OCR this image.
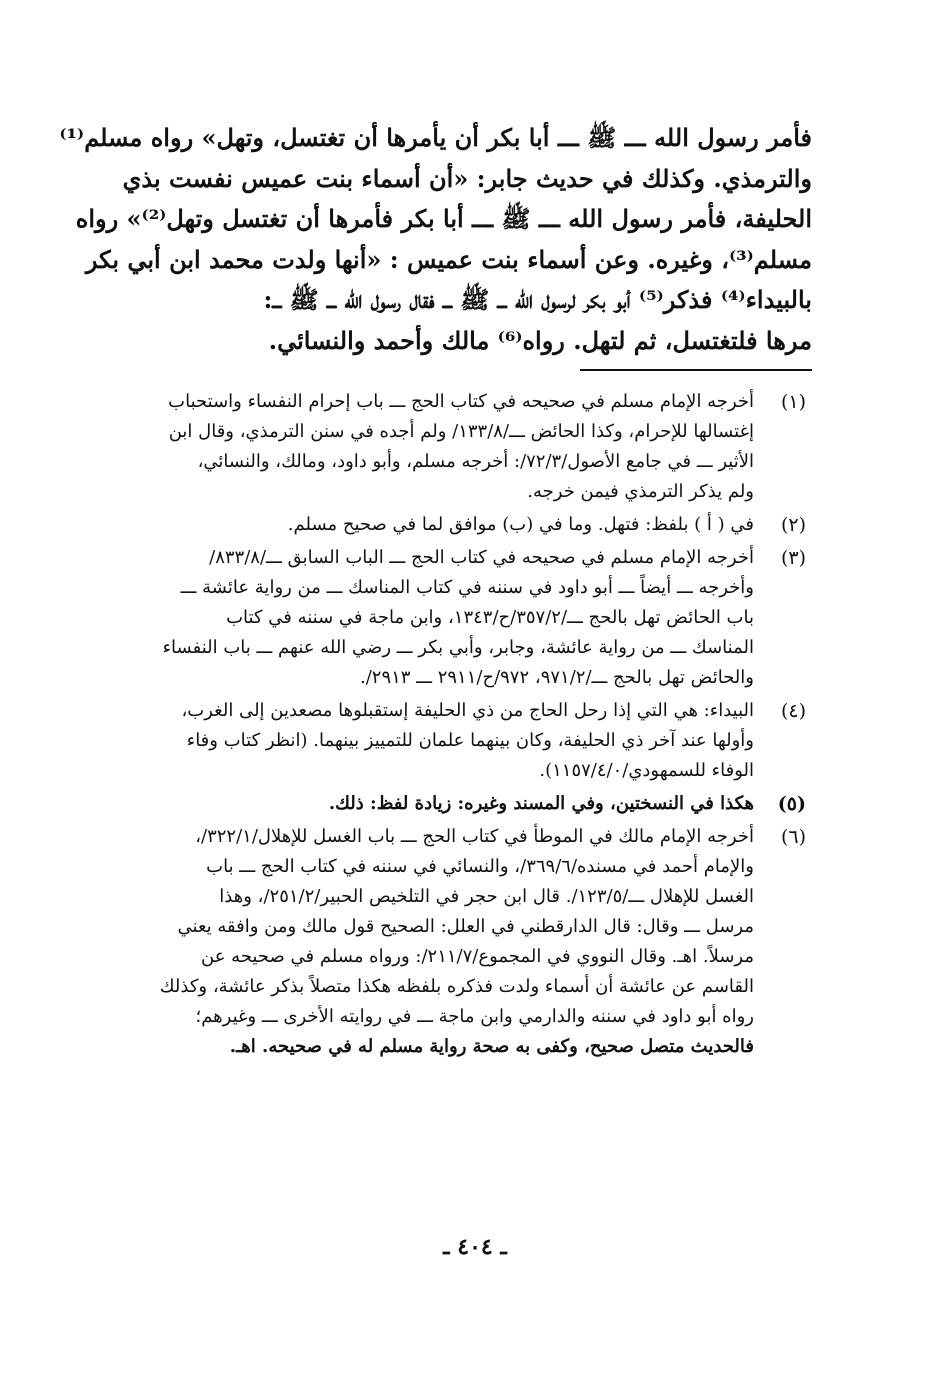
فأمر رسول الله ـــ ﷺ ـــ أبا بكر أن يأمرها أن تغتسل، وتهل» رواه مسلم⁽¹⁾
والترمذي. وكذلك في حديث جابر: «أن أسماء بنت عميس نفست بذي
الحليفة، فأمر رسول الله ـــ ﷺ ـــ أبا بكر فأمرها أن تغتسل وتهل⁽²⁾» رواه
مسلم⁽³⁾، وغيره. وعن أسماء بنت عميس : «أنها ولدت محمد ابن أبي بكر
بالبيداء⁽⁴⁾ فذكر⁽⁵⁾ أبو بكر لرسول الله ـــ ﷺ ـــ فقال رسول الله ـــ ﷺ ـــ:
مرها فلتغتسل، ثم لتهل. رواه⁽⁶⁾ مالك وأحمد والنسائي.
(١)
أخرجه الإمام مسلم في صحيحه في كتاب الحج ـــ باب إحرام النفساء واستحباب
إغتسالها للإحرام، وكذا الحائض ـــ/١٣٣/٨/ ولم أجده في سنن الترمذي، وقال ابن
الأثير ـــ في جامع الأصول/٧٢/٣/: أخرجه مسلم، وأبو داود، ومالك، والنسائي،
ولم يذكر الترمذي فيمن خرجه.
(٢)
في ( أ ) بلفظ: فتهل. وما في (ب) موافق لما في صحيح مسلم.
(٣)
أخرجه الإمام مسلم في صحيحه في كتاب الحج ـــ الباب السابق ـــ/٨٣٣/٨/
وأخرجه ـــ أيضاً ـــ أبو داود في سننه في كتاب المناسك ـــ من رواية عائشة ـــ
باب الحائض تهل بالحج ـــ/٣٥٧/٢/ح/١٣٤٣، وابن ماجة في سننه في كتاب
المناسك ـــ من رواية عائشة، وجابر، وأبي بكر ـــ رضي الله عنهم ـــ باب النفساء
والحائض تهل بالحج ـــ/٩٧١/٢، ٩٧٢/ح/٢٩١١ ـــ ٢٩١٣/.
(٤)
البيداء: هي التي إذا رحل الحاج من ذي الحليفة إستقبلوها مصعدين إلى الغرب،
وأولها عند آخر ذي الحليفة، وكان بينهما علمان للتمييز بينهما. (انظر كتاب وفاء
الوفاء للسمهودي/١١٥٧/٤/٠).
(٥)
هكذا في النسختين، وفي المسند وغيره: زيادة لفظ: ذلك.
(٦)
أخرجه الإمام مالك في الموطأ في كتاب الحج ـــ باب الغسل للإهلال/٣٢٢/١/،
والإمام أحمد في مسنده/٣٦٩/٦/، والنسائي في سننه في كتاب الحج ـــ باب
الغسل للإهلال ـــ/١٢٣/٥/. قال ابن حجر في التلخيص الحبير/٢٥١/٢/، وهذا
مرسل ـــ وقال: قال الدارقطني في العلل: الصحيح قول مالك ومن وافقه يعني
مرسلاً. اهـ. وقال النووي في المجموع/٢١١/٧/: ورواه مسلم في صحيحه عن
القاسم عن عائشة أن أسماء ولدت فذكره بلفظه هكذا متصلاً بذكر عائشة، وكذلك
رواه أبو داود في سننه والدارمي وابن ماجة ـــ في روايته الأخرى ـــ وغيرهم؛
فالحديث متصل صحيح، وكفى به صحة رواية مسلم له في صحيحه. اهـ.
ـ ٤٠٤ ـ
